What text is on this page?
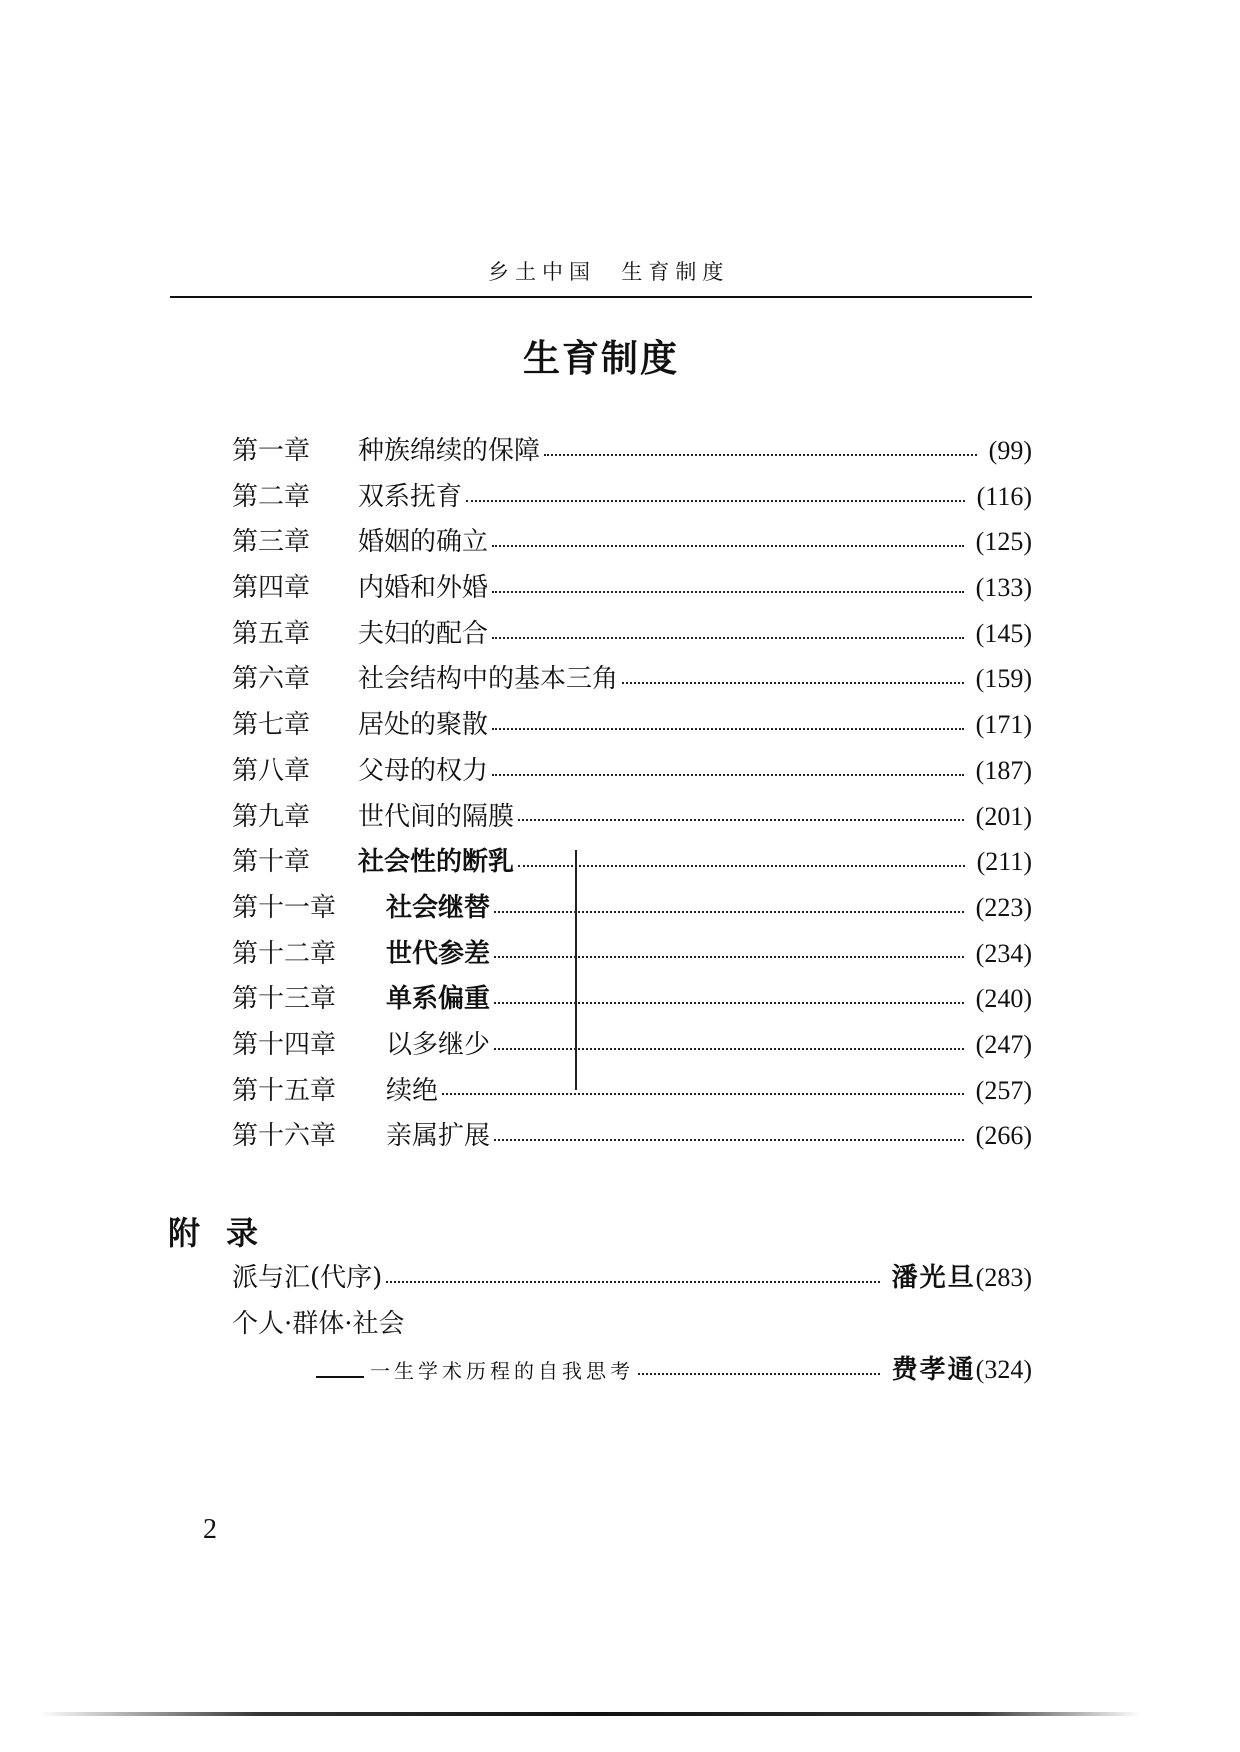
乡土中国  生育制度
生育制度
第一章	种族绵续的保障	(99)
第二章	双系抚育	(116)
第三章	婚姻的确立	(125)
第四章	内婚和外婚	(133)
第五章	夫妇的配合	(145)
第六章	社会结构中的基本三角	(159)
第七章	居处的聚散	(171)
第八章	父母的权力	(187)
第九章	世代间的隔膜	(201)
第十章	社会性的断乳	(211)
第十一章	社会继替	(223)
第十二章	世代参差	(234)
第十三章	单系偏重	(240)
第十四章	以多继少	(247)
第十五章	续绝	(257)
第十六章	亲属扩展	(266)
附录
派与汇(代序)	潘光旦 (283)
个人·群体·社会
一生学术历程的自我思考	费孝通 (324)
2
